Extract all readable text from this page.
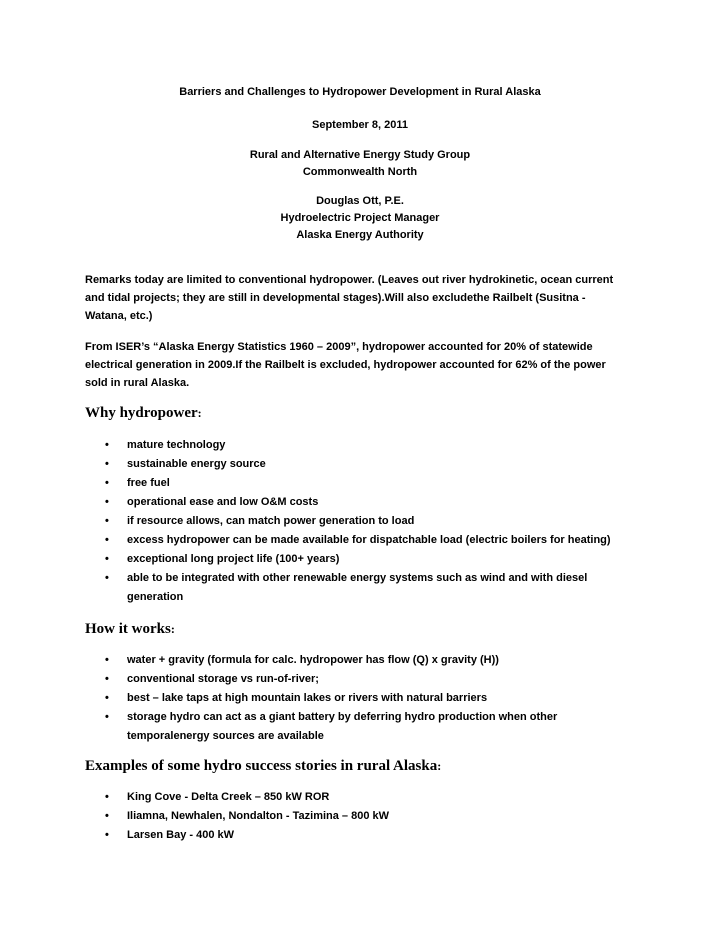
Barriers and Challenges to Hydropower Development in Rural Alaska
September 8, 2011
Rural and Alternative Energy Study Group
Commonwealth North
Douglas Ott, P.E.
Hydroelectric Project Manager
Alaska Energy Authority
Remarks today are limited to conventional hydropower. (Leaves out river hydrokinetic, ocean current
and tidal projects; they are still in developmental stages).Will also excludethe Railbelt (Susitna -
Watana, etc.)
From ISER’s “Alaska Energy Statistics 1960 – 2009”, hydropower accounted for 20% of statewide
electrical generation in 2009.If the Railbelt is excluded, hydropower accounted for 62% of the power
sold in rural Alaska.
Why hydropower:
• mature technology
• sustainable energy source
• free fuel
• operational ease and low O&M costs
• if resource allows, can match power generation to load
• excess hydropower can be made available for dispatchable load (electric boilers for heating)
• exceptional long project life (100+ years)
• able to be integrated with other renewable energy systems such as wind and with diesel
generation
How it works:
• water + gravity (formula for calc. hydropower has flow (Q) x gravity (H))
• conventional storage vs run-of-river;
• best – lake taps at high mountain lakes or rivers with natural barriers
• storage hydro can act as a giant battery by deferring hydro production when other
temporalenergy sources are available
Examples of some hydro success stories in rural Alaska:
• King Cove - Delta Creek – 850 kW ROR
• Iliamna, Newhalen, Nondalton - Tazimina – 800 kW
• Larsen Bay - 400 kW
